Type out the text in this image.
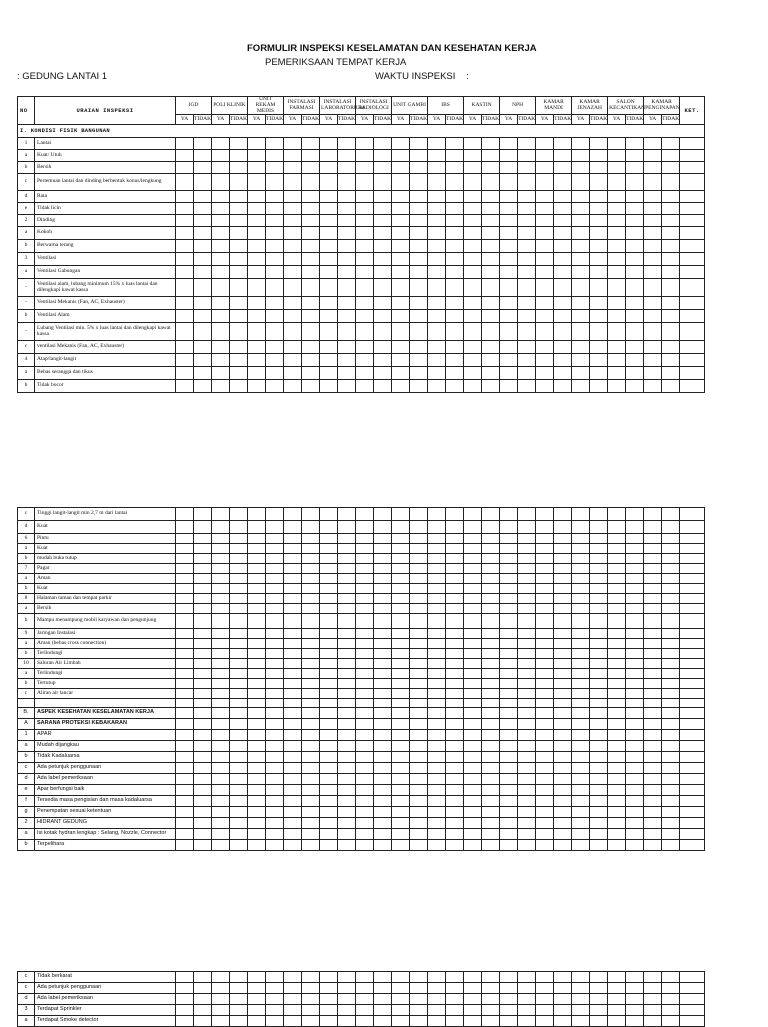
FORMULIR INSPEKSI KESELAMATAN DAN KESEHATAN KERJA
PEMERIKSAAN TEMPAT KERJA
: GEDUNG LANTAI 1	WAKTU INSPEKSI :
NO	URAIAN INSPEKSI	IGD		POLI KLINIK		UNIT REKAM MEDIS		INSTALASI FARMASI		INSTALASI LABORATORIUM		INSTALASI RADIOLOGI		UNIT GAMBI		IBS		KASTIN		NPH		KAMAR MANDI		KAMAR JENAZAH		SALON KECANTIKAN		KAMAR PENGINAPAN		KET.
		YA	TIDAK	YA	TIDAK	YA	TIDAK	YA	TIDAK	YA	TIDAK	YA	TIDAK	YA	TIDAK	YA	TIDAK	YA	TIDAK	YA	TIDAK	YA	TIDAK	YA	TIDAK	YA	TIDAK	YA	TIDAK	
I. KONDISI FISIK BANGUNAN																														
1	Lantai																													
a	Kuat/ Utuh																													
b	Bersih																													
c	Pertemuan lantai dan dinding berbentuk konus/lengkung																													
d	Rata																													
e	Tidak licin																													
2	Dinding																													
a	Kokoh																													
b	Berwarna terang																													
3	Ventilasi																													
a	Ventilasi Gabungan																													
-	Ventilasi alam, lubang minimum 15% x luas lantai dan dilengkapi kawat kassa																													
-	Ventilasi Mekanis (Fan, AC, Exhauster)																													
b	Ventilasi Alam																													
-	Lubang Ventilasi min. 5% x luas lantai dan dilengkapi kawat kassa																													
c	ventilasi Mekanis (Fan, AC, Exhauster)																													
4	Atap/langit-langit																													
a	Bebas serangga dan tikus																													
b	Tidak bocor																													
c	Tinggi langit-langit min 2,7 m dari lantai																													
d	Kuat																													
6	Pintu																													
a	Kuat																													
b	mudah buka tutup																													
7	Pagar																													
a	Aman																													
b	Kuat																													
8	Halaman taman dan tempat parkir																													
a	Bersih																													
b	Mampu menampung mobil karyawan dan pengunjung																													
9	Jaringan Instalasi																													
a	Aman (bebas cross connection)																													
b	Terlindungi																													
10	Saluran Air Limbah																													
a	Terlindungi																													
b	Tertutup																													
c	Aliran air lancar																													

B.	ASPEK KESEHATAN KESELAMATAN KERJA																													
A	SARANA PROTEKSI KEBAKARAN																													
1	APAR																													
a	Mudah dijangkau																													
b	Tidak Kadaluarsa																													
c	Ada petunjuk penggunaan																													
d	Ada label pemeriksaan																													
e	Apar berfungsi baik																													
f	Tersedia masa pengisian dan masa kadaluarsa																													
g	Penempatan sesuai ketentuan																													
2	HIDRANT GEDUNG																													
a	Isi kotak hydran lengkap : Selang, Nozzle, Connector																													
b	Terpelihara																													
c	Tidak berkarat																													
c	Ada petunjuk penggunaan																													
d	Ada label pemeriksaan																													
3	Terdapat Sprinkler																													
a	Terdapat Smoke detector																													
